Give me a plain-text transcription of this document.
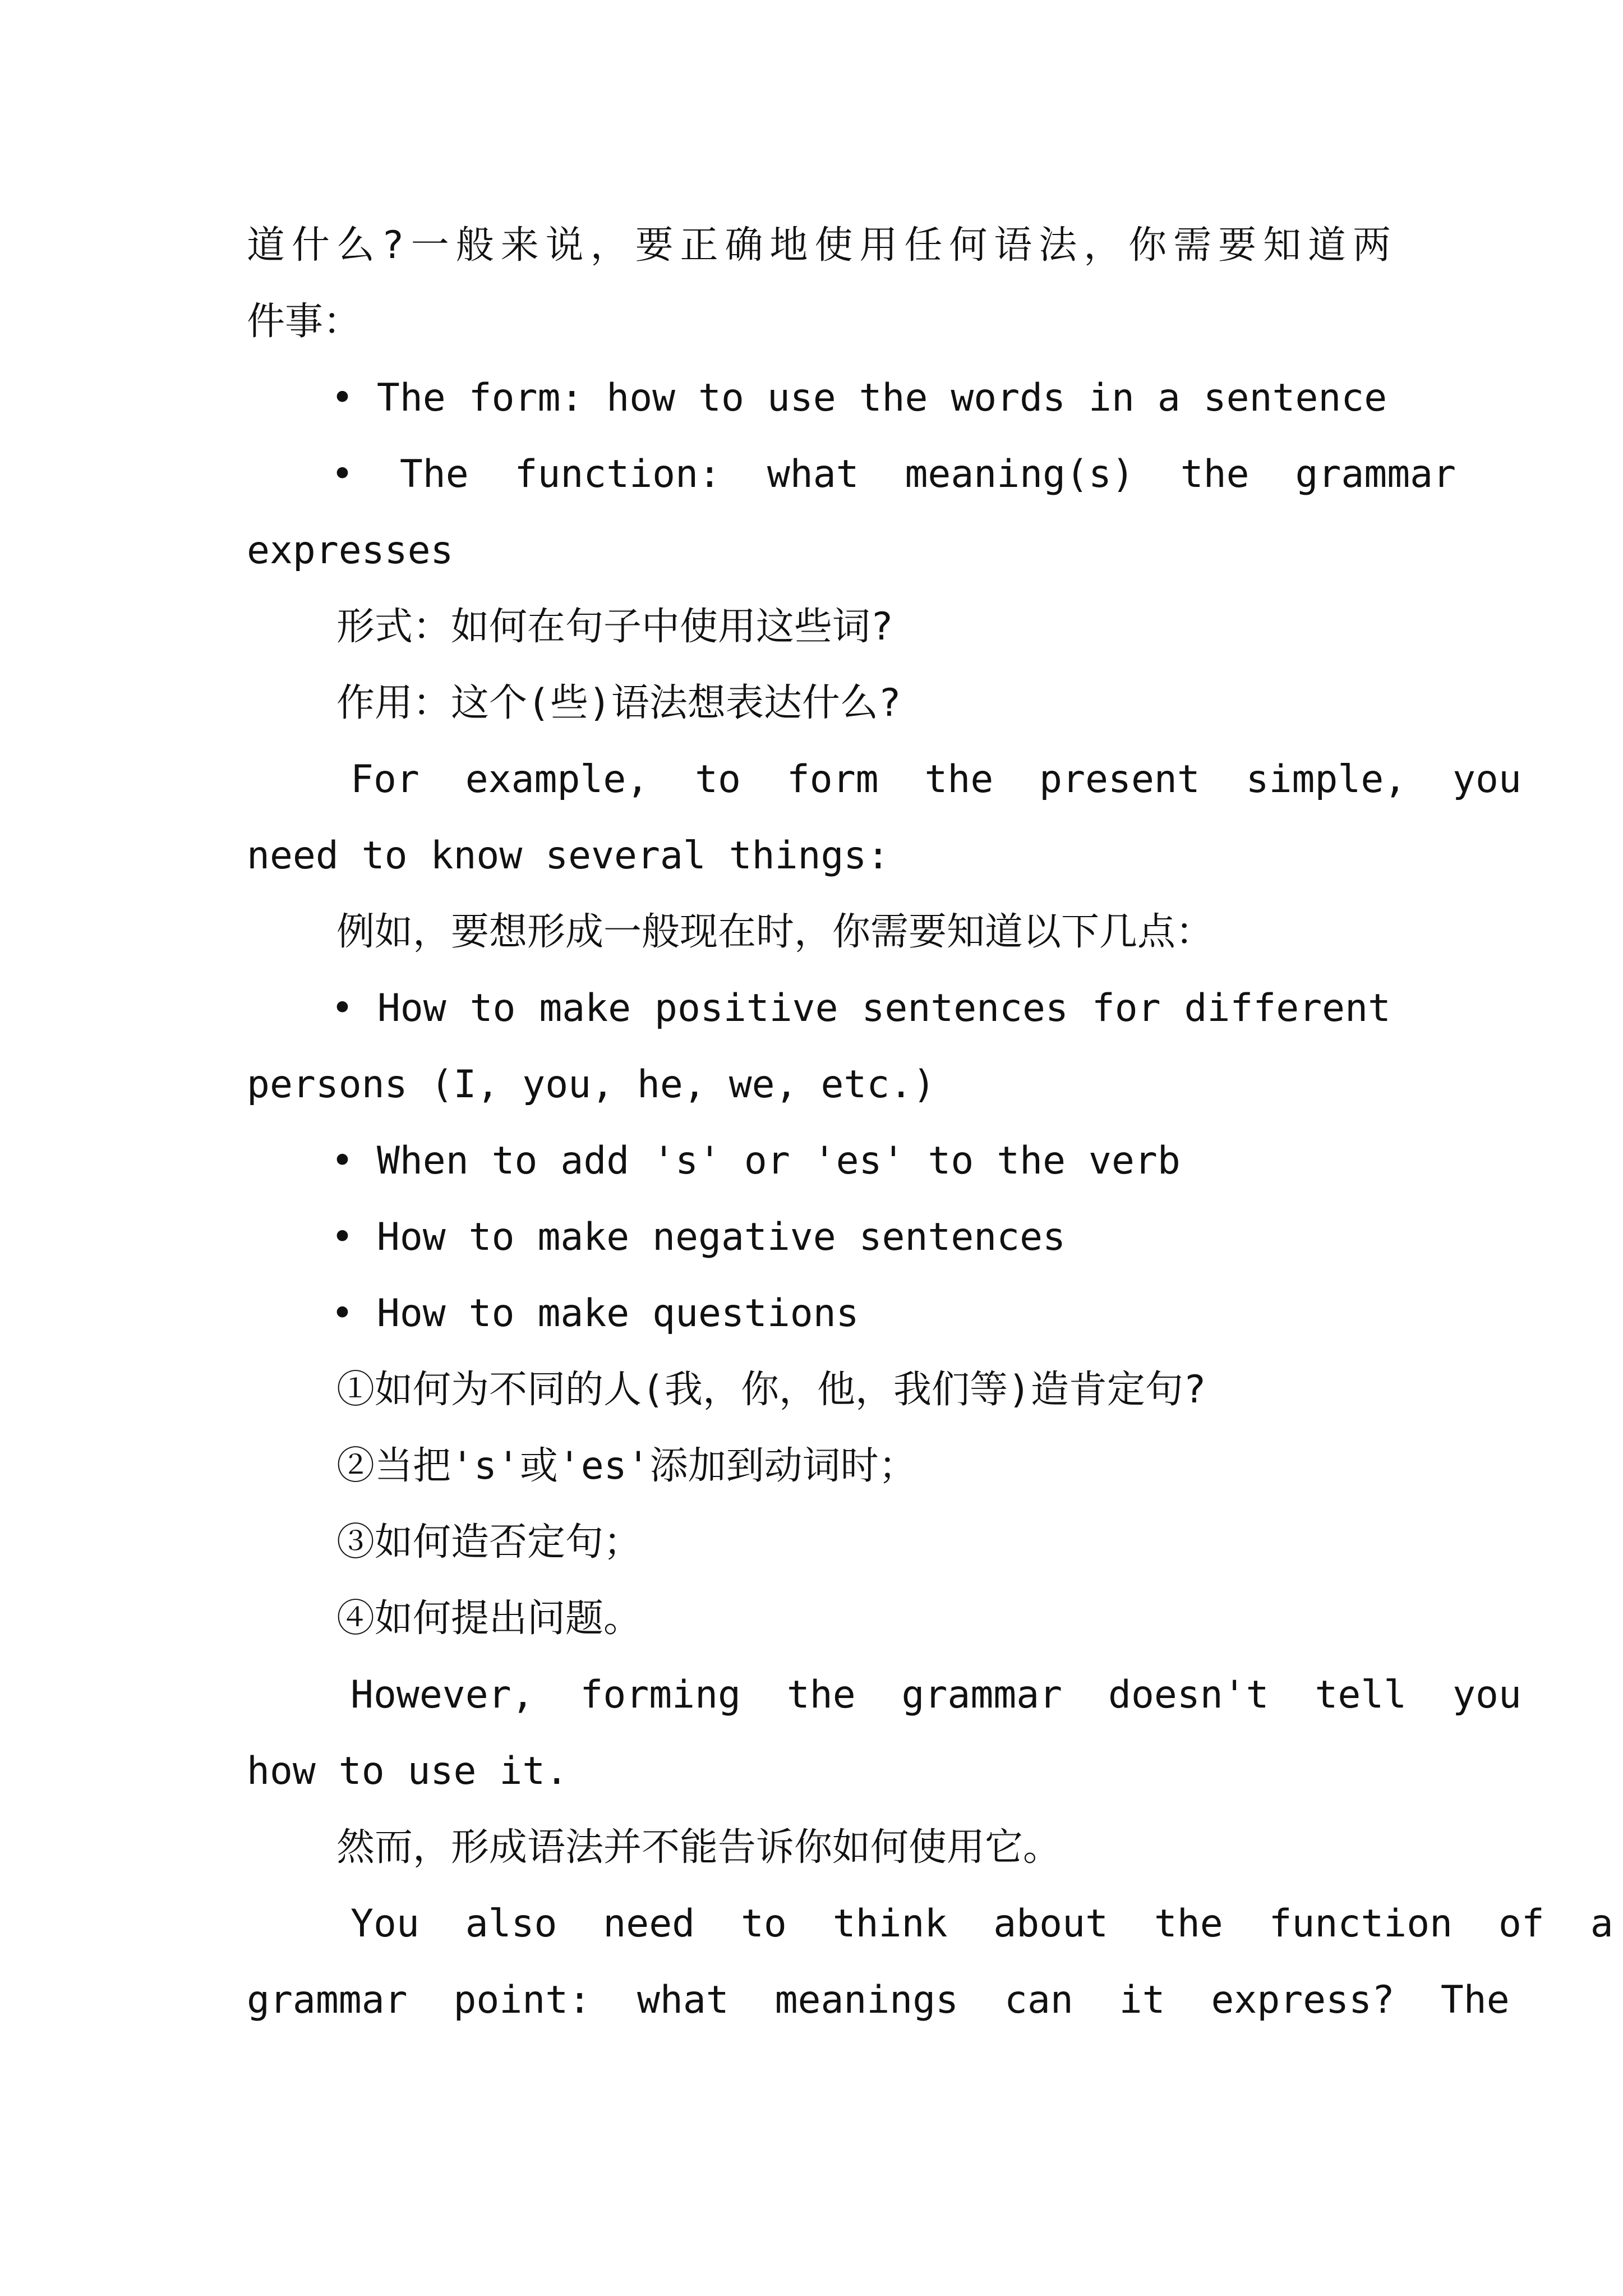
道什么?一般来说，要正确地使用任何语法，你需要知道两
件事：
• The form: how to use the words in a sentence
•  The  function:  what  meaning(s)  the  grammar
expresses
形式：如何在句子中使用这些词?
作用：这个(些)语法想表达什么?
For  example,  to  form  the  present  simple,  you
need to know several things:
例如，要想形成一般现在时，你需要知道以下几点：
• How to make positive sentences for different
persons (I, you, he, we, etc.)
• When to add 's' or 'es' to the verb
• How to make negative sentences
• How to make questions
①如何为不同的人(我，你，他，我们等)造肯定句?
②当把's'或'es'添加到动词时；
③如何造否定句；
④如何提出问题。
However,  forming  the  grammar  doesn't  tell  you
how to use it.
然而，形成语法并不能告诉你如何使用它。
You  also  need  to  think  about  the  function  of  a
grammar  point:  what  meanings  can  it  express?  The
